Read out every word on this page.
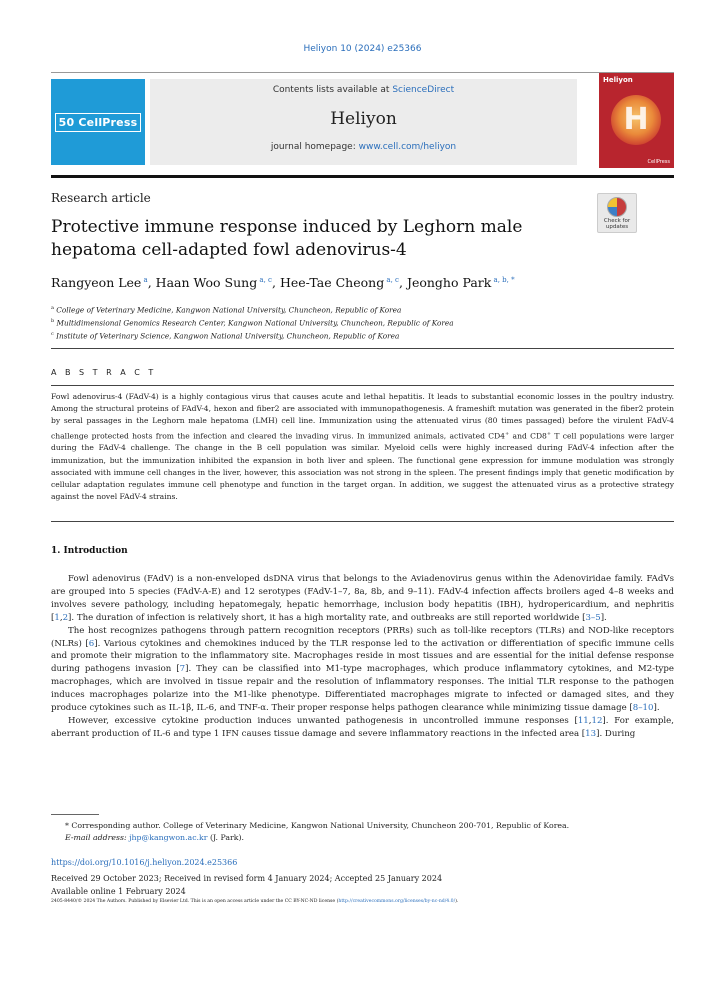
Heliyon 10 (2024) e25366
50 CellPress
Contents lists available at ScienceDirect
Heliyon
journal homepage: www.cell.com/heliyon
Heliyon
H
CellPress
Research article
Check for updates
Protective immune response induced by Leghorn male hepatoma cell-adapted fowl adenovirus-4
Rangyeon Lee $^a$, Haan Woo Sung $^{a, c}$, Hee-Tae Cheong $^{a, c}$, Jeongho Park $^{a, b, *}$
$^a$ College of Veterinary Medicine, Kangwon National University, Chuncheon, Republic of Korea
$^b$ Multidimensional Genomics Research Center, Kangwon National University, Chuncheon, Republic of Korea
$^c$ Institute of Veterinary Science, Kangwon National University, Chuncheon, Republic of Korea
A B S T R A C T
Fowl adenovirus-4 (FAdV-4) is a highly contagious virus that causes acute and lethal hepatitis. It leads to substantial economic losses in the poultry industry. Among the structural proteins of FAdV-4, hexon and fiber2 are associated with immunopathogenesis. A frameshift mutation was generated in the fiber2 protein by seral passages in the Leghorn male hepatoma (LMH) cell line. Immunization using the attenuated virus (80 times passaged) before the virulent FAdV-4 challenge protected hosts from the infection and cleared the invading virus. In immunized animals, activated CD4+ and CD8+ T cell populations were larger during the FAdV-4 challenge. The change in the B cell population was similar. Myeloid cells were highly increased during FAdV-4 infection after the immunization, but the immunization inhibited the expansion in both liver and spleen. The functional gene expression for immune modulation was strongly associated with immune cell changes in the liver, however, this association was not strong in the spleen. The present findings imply that genetic modification by cellular adaptation regulates immune cell phenotype and function in the target organ. In addition, we suggest the attenuated virus as a protective strategy against the novel FAdV-4 strains.
1. Introduction

Fowl adenovirus (FAdV) is a non-enveloped dsDNA virus that belongs to the Aviadenovirus genus within the Adenoviridae family. FAdVs are grouped into 5 species (FAdV-A-E) and 12 serotypes (FAdV-1–7, 8a, 8b, and 9–11). FAdV-4 infection affects broilers aged 4–8 weeks and involves severe pathology, including hepatomegaly, hepatic hemorrhage, inclusion body hepatitis (IBH), hydropericardium, and nephritis [1,2]. The duration of infection is relatively short, it has a high mortality rate, and outbreaks are still reported worldwide [3–5].

The host recognizes pathogens through pattern recognition receptors (PRRs) such as toll-like receptors (TLRs) and NOD-like receptors (NLRs) [6]. Various cytokines and chemokines induced by the TLR response led to the activation or differentiation of specific immune cells and promote their migration to the inflammatory site. Macrophages reside in most tissues and are essential for the initial defense response during pathogens invasion [7]. They can be classified into M1-type macrophages, which produce inflammatory cytokines, and M2-type macrophages, which are involved in tissue repair and the resolution of inflammatory responses. The initial TLR response to the pathogen induces macrophages polarize into the M1-like phenotype. Differentiated macrophages migrate to infected or damaged sites, and they produce cytokines such as IL-1β, IL-6, and TNF-α. Their proper response helps pathogen clearance while minimizing tissue damage [8–10].

However, excessive cytokine production induces unwanted pathogenesis in uncontrolled immune responses [11,12]. For example, aberrant production of IL-6 and type 1 IFN causes tissue damage and severe inflammatory reactions in the infected area [13]. During

* Corresponding author. College of Veterinary Medicine, Kangwon National University, Chuncheon 200-701, Republic of Korea.
E-mail address: jhp@kangwon.ac.kr (J. Park).
https://doi.org/10.1016/j.heliyon.2024.e25366
Received 29 October 2023; Received in revised form 4 January 2024; Accepted 25 January 2024
Available online 1 February 2024
2405-8440/© 2024 The Authors. Published by Elsevier Ltd. This is an open access article under the CC BY-NC-ND license (http://creativecommons.org/licenses/by-nc-nd/4.0/).
